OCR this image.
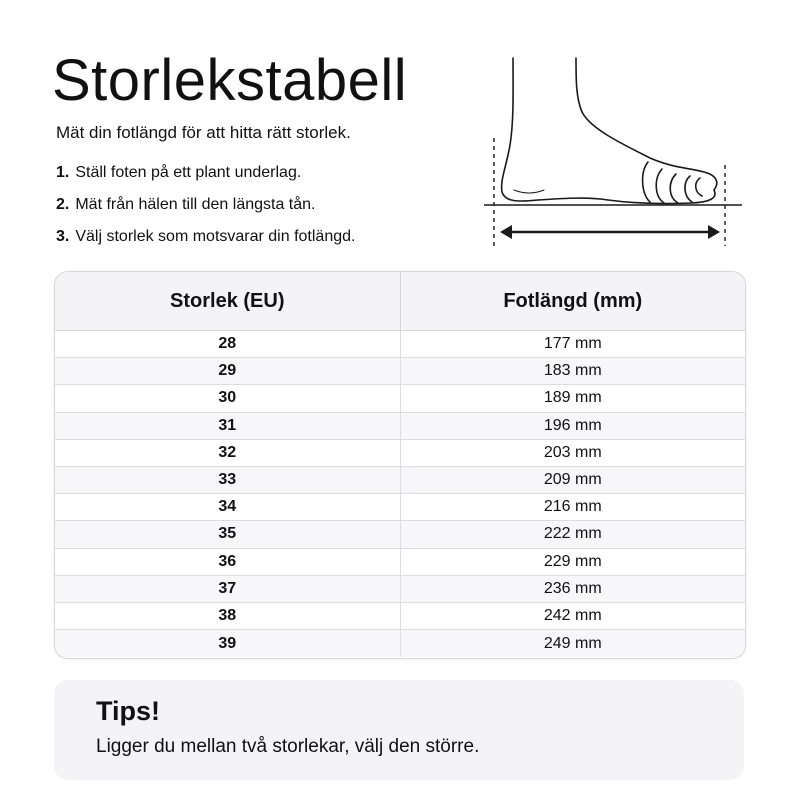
Storlekstabell

Mät din fotlängd för att hitta rätt storlek.

1. Ställ foten på ett plant underlag.
2. Mät från hälen till den längsta tån.
3. Välj storlek som motsvarar din fotlängd.
Storlek (EU)	Fotlängd (mm)
28	177 mm
29	183 mm
30	189 mm
31	196 mm
32	203 mm
33	209 mm
34	216 mm
35	222 mm
36	229 mm
37	236 mm
38	242 mm
39	249 mm

Tips!

Ligger du mellan två storlekar, välj den större.
